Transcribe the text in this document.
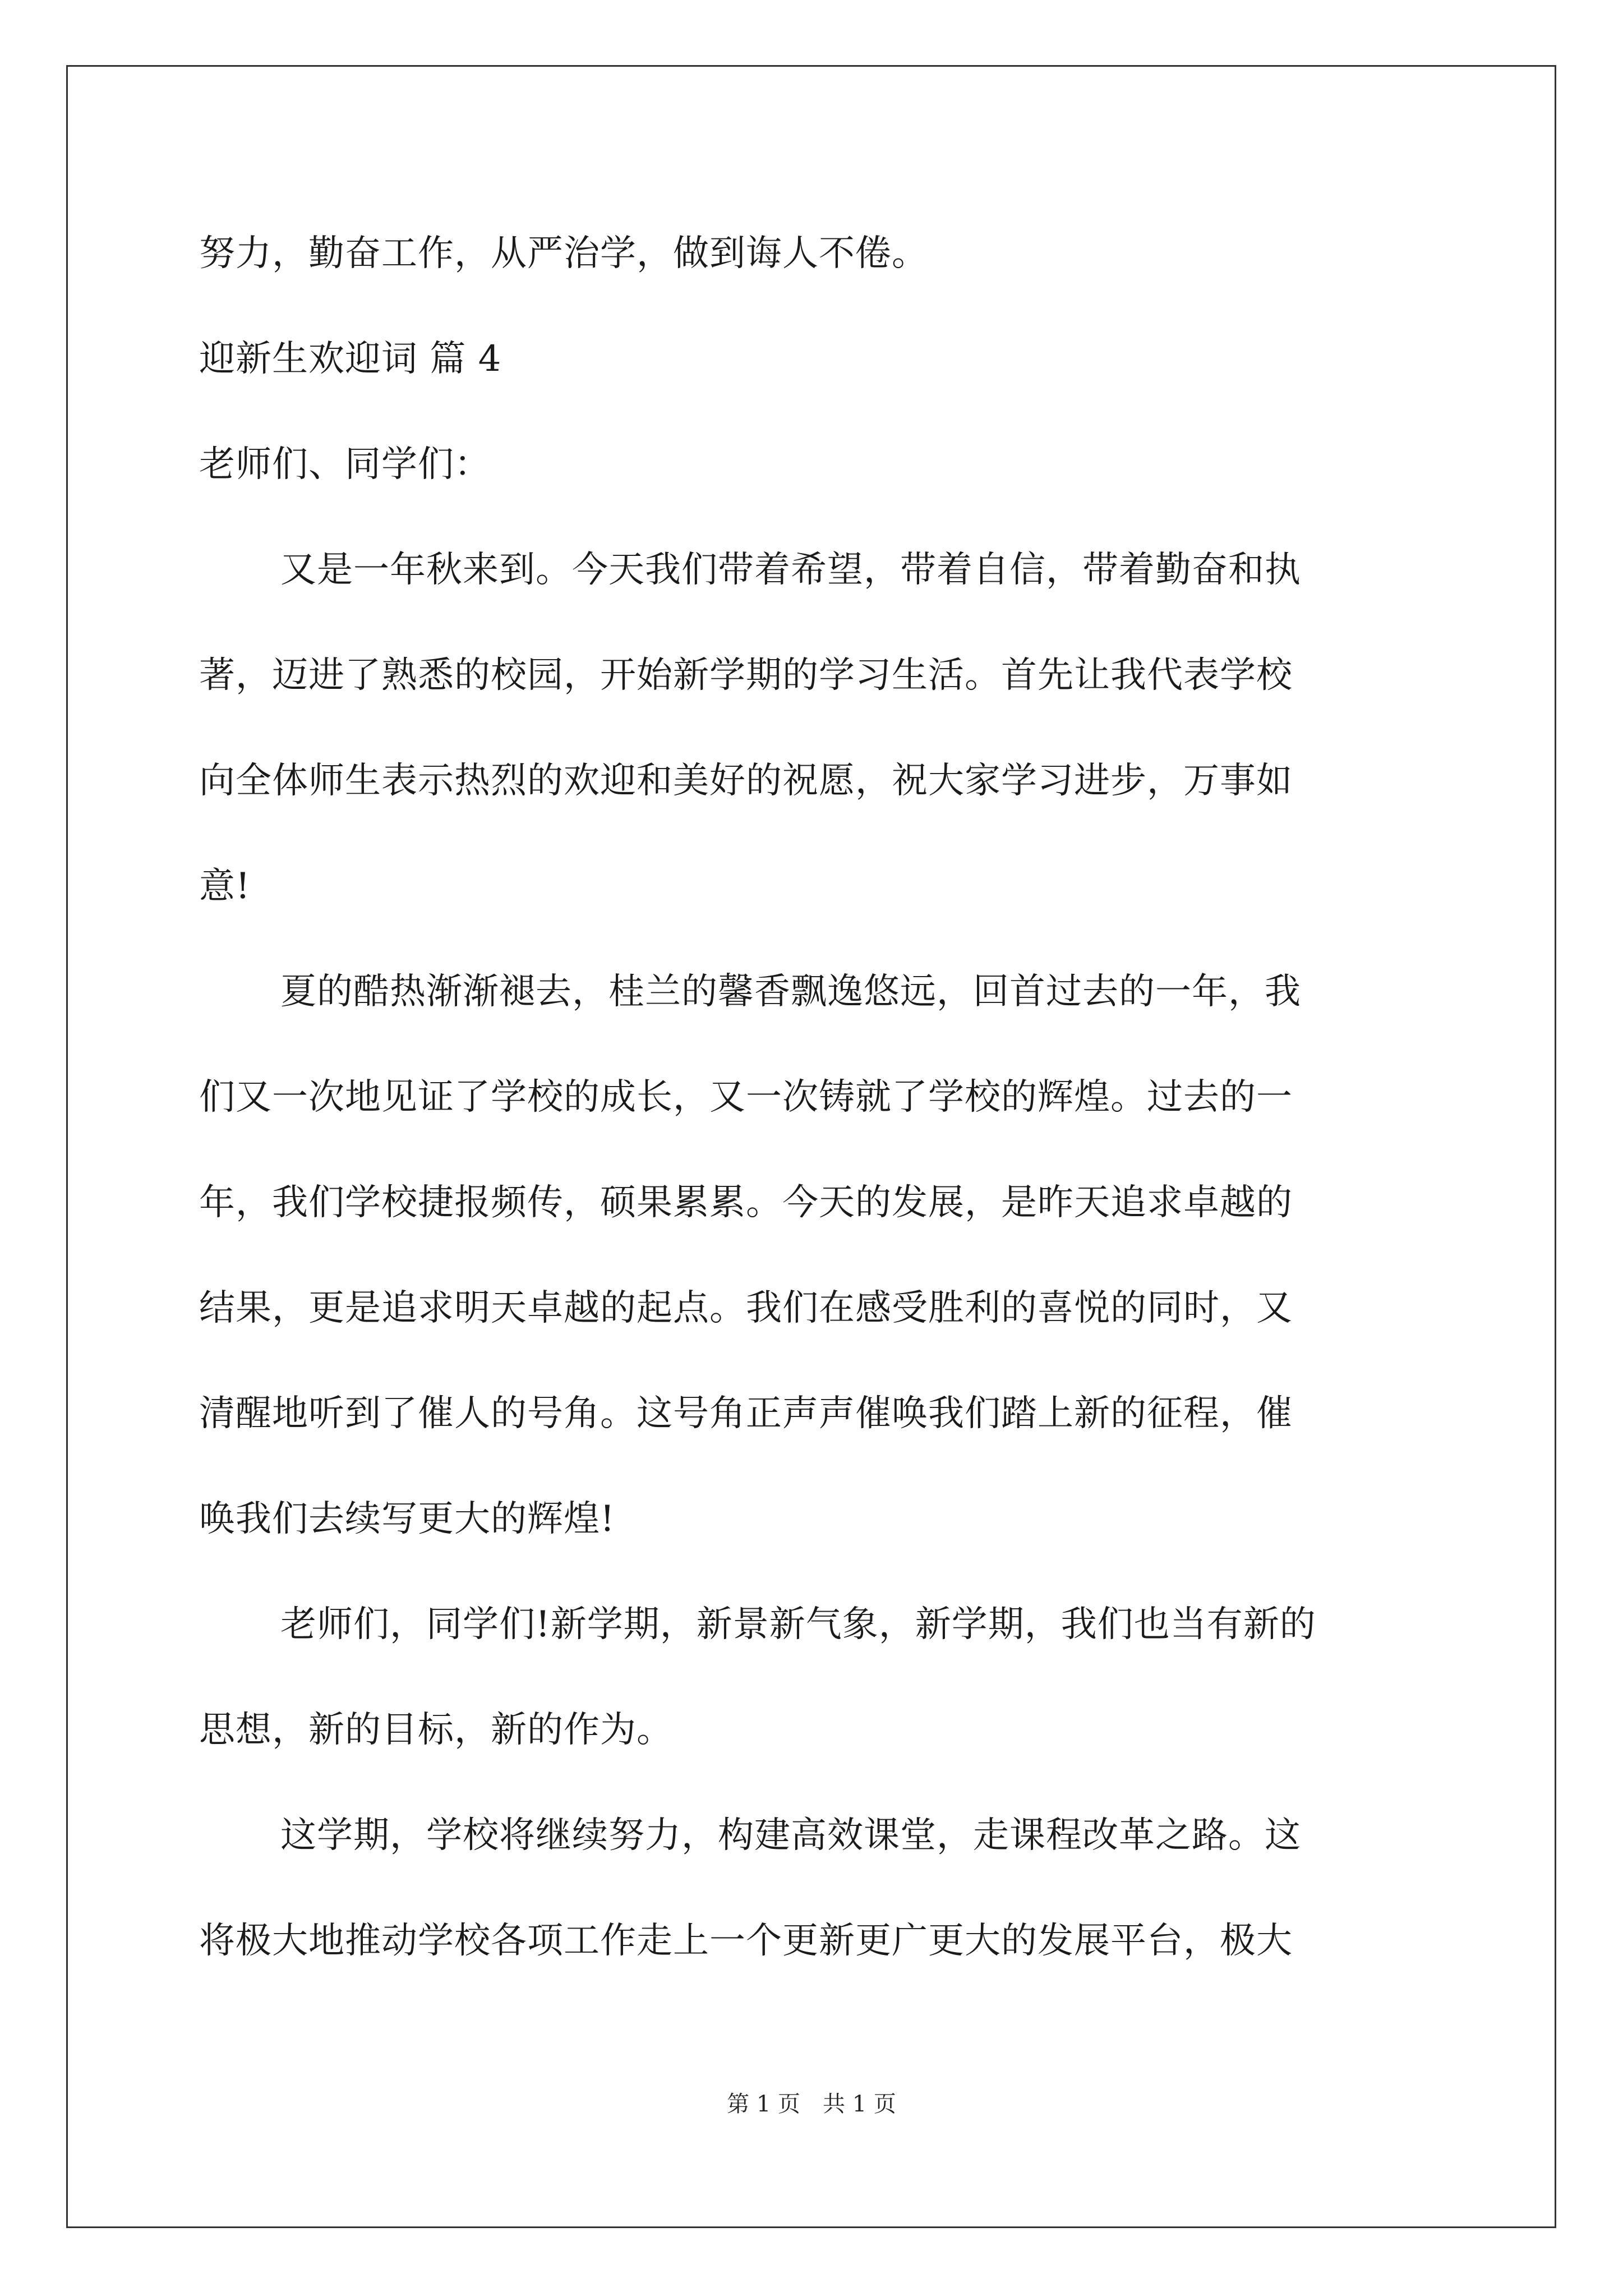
努力，勤奋工作，从严治学，做到诲人不倦。
迎新生欢迎词 篇 4
老师们、同学们：
又是一年秋来到。今天我们带着希望，带着自信，带着勤奋和执
著，迈进了熟悉的校园，开始新学期的学习生活。首先让我代表学校
向全体师生表示热烈的欢迎和美好的祝愿，祝大家学习进步，万事如
意!
夏的酷热渐渐褪去，桂兰的馨香飘逸悠远，回首过去的一年，我
们又一次地见证了学校的成长，又一次铸就了学校的辉煌。过去的一
年，我们学校捷报频传，硕果累累。今天的发展，是昨天追求卓越的
结果，更是追求明天卓越的起点。我们在感受胜利的喜悦的同时，又
清醒地听到了催人的号角。这号角正声声催唤我们踏上新的征程，催
唤我们去续写更大的辉煌!
老师们，同学们!新学期，新景新气象，新学期，我们也当有新的
思想，新的目标，新的作为。
这学期，学校将继续努力，构建高效课堂，走课程改革之路。这
将极大地推动学校各项工作走上一个更新更广更大的发展平台，极大
第 1 页　共 1 页
